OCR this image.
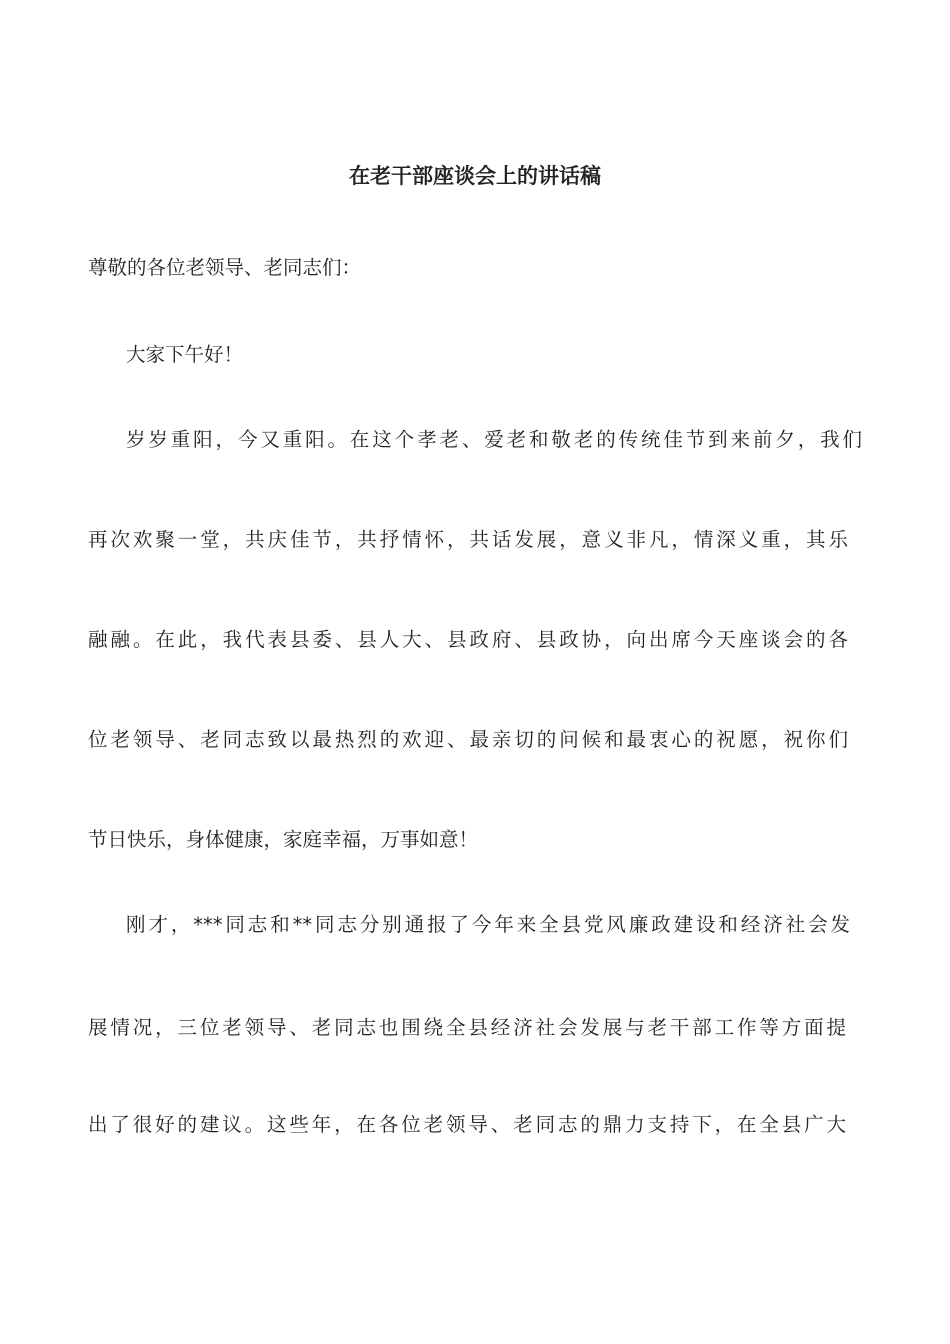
在老干部座谈会上的讲话稿
尊敬的各位老领导、老同志们：
大家下午好！
岁岁重阳，今又重阳。在这个孝老、爱老和敬老的传统佳节到来前夕，我们
再次欢聚一堂，共庆佳节，共抒情怀，共话发展，意义非凡，情深义重，其乐
融融。在此，我代表县委、县人大、县政府、县政协，向出席今天座谈会的各
位老领导、老同志致以最热烈的欢迎、最亲切的问候和最衷心的祝愿，祝你们
节日快乐，身体健康，家庭幸福，万事如意！
刚才，***同志和**同志分别通报了今年来全县党风廉政建设和经济社会发
展情况，三位老领导、老同志也围绕全县经济社会发展与老干部工作等方面提
出了很好的建议。这些年，在各位老领导、老同志的鼎力支持下，在全县广大
